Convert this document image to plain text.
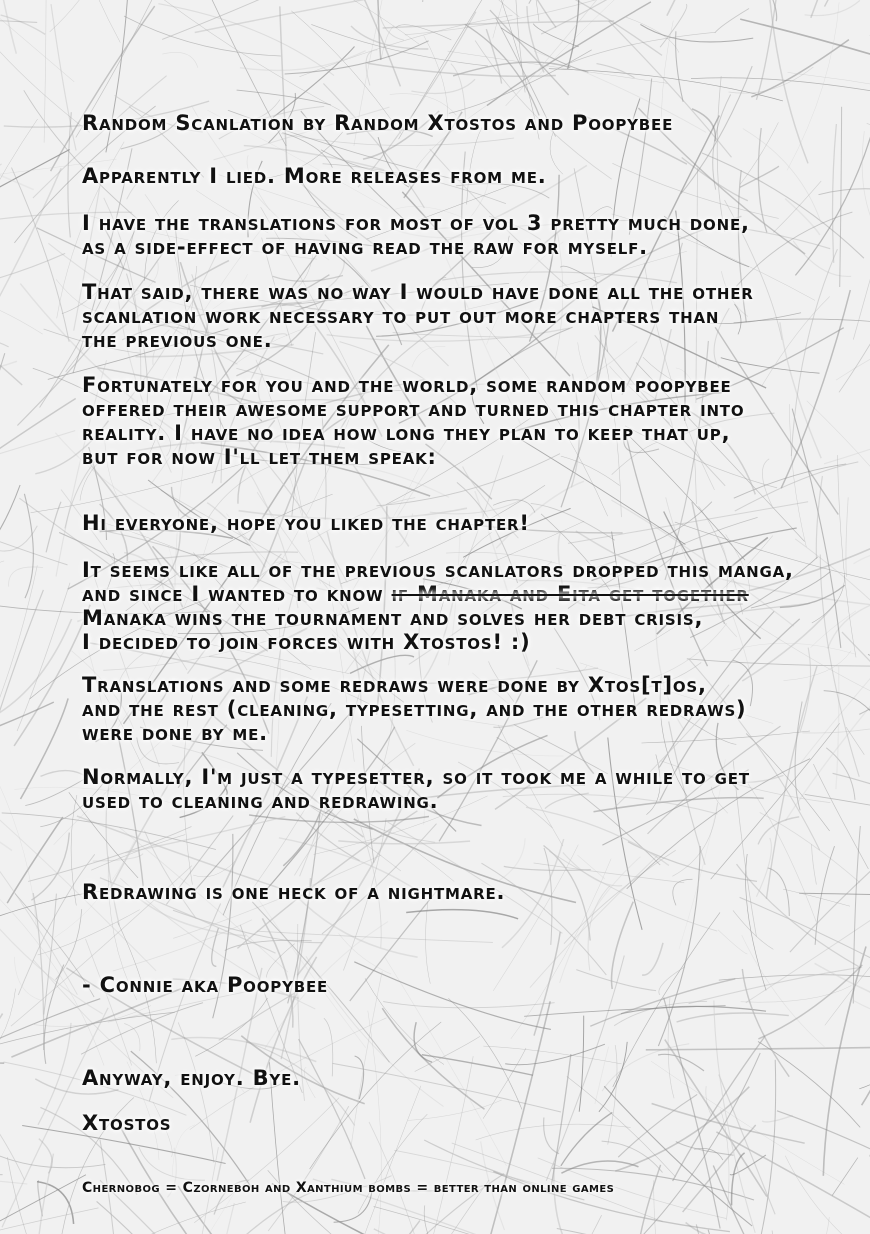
Random Scanlation by Random Xtostos and Poopybee

Apparently I lied. More releases from me.

I have the translations for most of vol 3 pretty much done,
as a side-effect of having read the raw for myself.

That said, there was no way I would have done all the other
scanlation work necessary to put out more chapters than
the previous one.

Fortunately for you and the world, some random poopybee
offered their awesome support and turned this chapter into
reality. I have no idea how long they plan to keep that up,
but for now I'll let them speak:

Hi everyone, hope you liked the chapter!

It seems like all of the previous scanlators dropped this manga,
and since I wanted to know if Manaka and Eita get together
Manaka wins the tournament and solves her debt crisis,
I decided to join forces with Xtostos! :)

Translations and some redraws were done by Xtos[t]os,
and the rest (cleaning, typesetting, and the other redraws)
were done by me.

Normally, I'm just a typesetter, so it took me a while to get
used to cleaning and redrawing.

Redrawing is one heck of a nightmare.

- Connie aka Poopybee

Anyway, enjoy. Bye.

Xtostos

Chernobog = Czorneboh and Xanthium bombs = better than online games
